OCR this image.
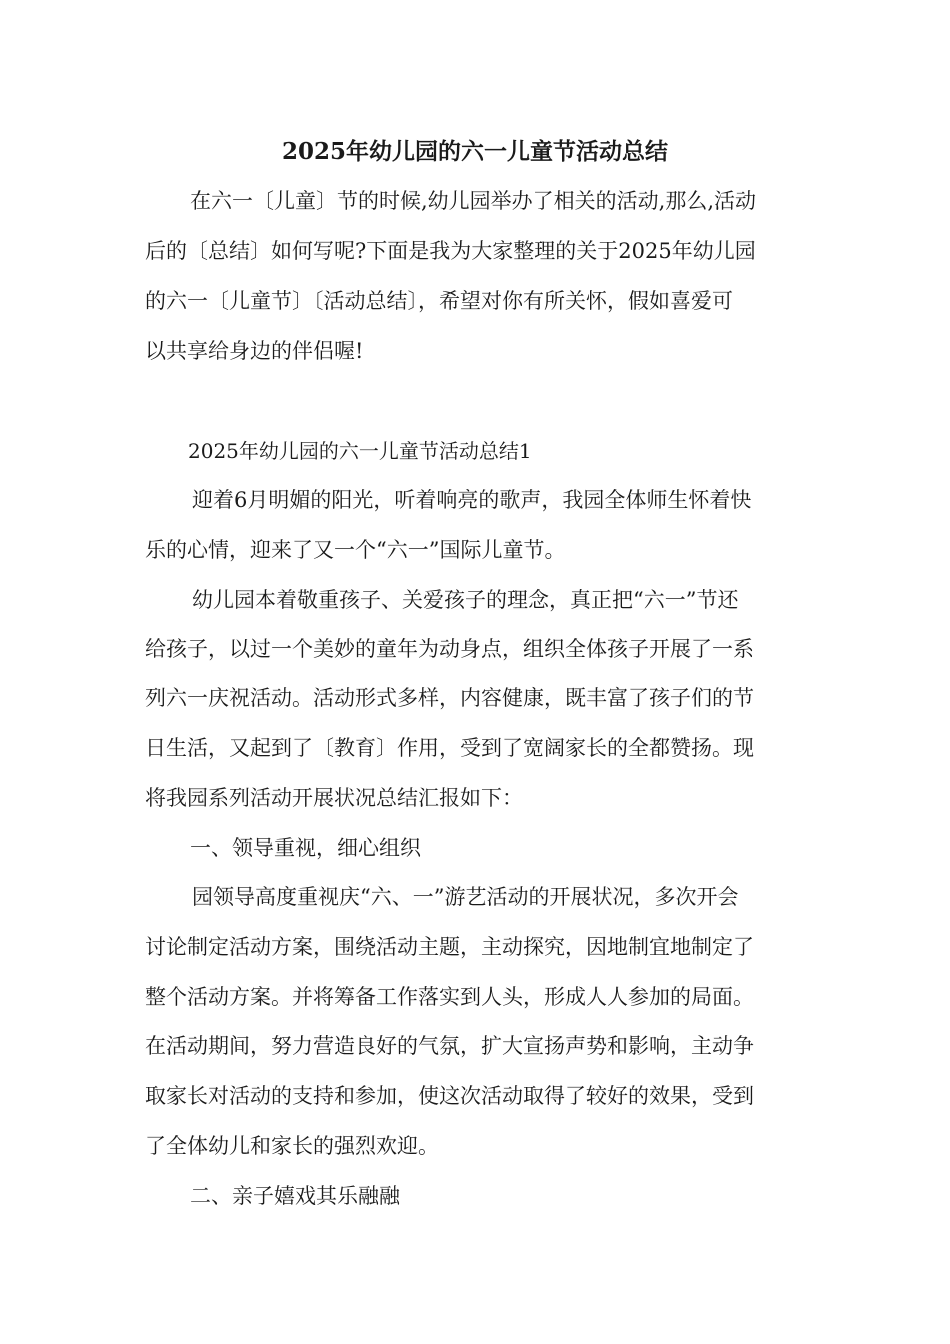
2025年幼儿园的六一儿童节活动总结

在六一〔儿童〕节的时候,幼儿园举办了相关的活动,那么,活动

后的〔总结〕如何写呢?下面是我为大家整理的关于2025年幼儿园

的六一〔儿童节〕〔活动总结〕，希望对你有所关怀，假如喜爱可

以共享给身边的伴侣喔!

2025年幼儿园的六一儿童节活动总结1

迎着6月明媚的阳光，听着响亮的歌声，我园全体师生怀着快

乐的心情，迎来了又一个“六一”国际儿童节。

幼儿园本着敬重孩子、关爱孩子的理念，真正把“六一”节还

给孩子，以过一个美妙的童年为动身点，组织全体孩子开展了一系

列六一庆祝活动。活动形式多样，内容健康，既丰富了孩子们的节

日生活，又起到了〔教育〕作用，受到了宽阔家长的全都赞扬。现

将我园系列活动开展状况总结汇报如下：

一、领导重视，细心组织

园领导高度重视庆“六、一”游艺活动的开展状况，多次开会

讨论制定活动方案，围绕活动主题，主动探究，因地制宜地制定了

整个活动方案。并将筹备工作落实到人头，形成人人参加的局面。

在活动期间，努力营造良好的气氛，扩大宣扬声势和影响，主动争

取家长对活动的支持和参加，使这次活动取得了较好的效果，受到

了全体幼儿和家长的强烈欢迎。

二、亲子嬉戏其乐融融
